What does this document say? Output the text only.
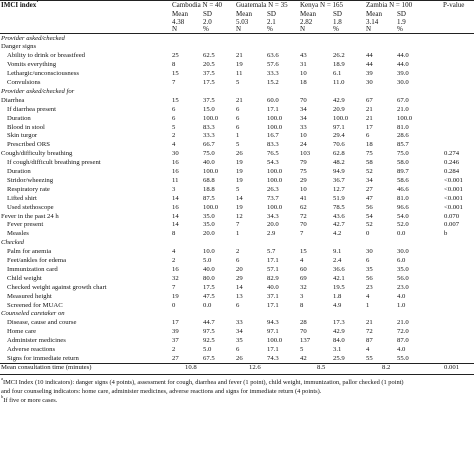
IMCI index$^1$
P-value
Cambodia N = 40
Mean SD
4.38	2.0
N	%
Guatemala N = 35
Mean SD
5.03	2.1
N	%
Kenya N = 165
Mean SD
2.82	1.8
N	%
Zambia N = 100
Mean SD
3.14	1.9
N	%
Provider asked/checked
Danger signs
Ability to drink or breastfeed	25	62.5	21	63.6	43	26.2	44	44.0
Vomits everything	8	20.5	19	57.6	31	18.9	44	44.0
Lethargic/unconsciousness	15	37.5	11	33.3	10	6.1	39	39.0
Convulsions	7	17.5	5	15.2	18	11.0	30	30.0
Provider asked/checked for
Diarrhea	15	37.5	21	60.0	70	42.9	67	67.0
If diarrhea present	6	15.0	6	17.1	34	20.9	21	21.0
Duration	6	100.0	6	100.0	34	100.0	21	100.0
Blood in stool	5	83.3	6	100.0	33	97.1	17	81.0
Skin turgor	2	33.3	1	16.7	10	29.4	6	28.6
Prescribed ORS	4	66.7	5	83.3	24	70.6	18	85.7
Cough/difficulty breathing	30	75.0	26	76.5	103	62.8	75	75.0	0.274
If cough/difficult breathing present	16	40.0	19	54.3	79	48.2	58	58.0	0.246
Duration	16	100.0	19	100.0	75	94.9	52	89.7	0.284
Stridor/wheezing	11	68.8	19	100.0	29	36.7	34	58.6	<0.001
Respiratory rate	3	18.8	5	26.3	10	12.7	27	46.6	<0.001
Lifted shirt	14	87.5	14	73.7	41	51.9	47	81.0	<0.001
Used stethoscope	16	100.0	19	100.0	62	78.5	56	96.6	<0.001
Fever in the past 24 h	14	35.0	12	34.3	72	43.6	54	54.0	0.070
Fever present	14	35.0	7	20.0	70	42.7	52	52.0	0.007
Measles	8	20.0	1	2.9	7	4.2	0	0.0	b
Checked
Palm for anemia	4	10.0	2	5.7	15	9.1	30	30.0
Feet/ankles for edema	2	5.0	6	17.1	4	2.4	6	6.0
Immunization card	16	40.0	20	57.1	60	36.6	35	35.0
Child weight	32	80.0	29	82.9	69	42.1	56	56.0
Checked weight against growth chart	7	17.5	14	40.0	32	19.5	23	23.0
Measured height	19	47.5	13	37.1	3	1.8	4	4.0
Screened for MUAC	0	0.0	6	17.1	8	4.9	1	1.0
Counseled caretaker on
Disease, cause and course	17	44.7	33	94.3	28	17.3	21	21.0
Home care	39	97.5	34	97.1	70	42.9	72	72.0
Administer medicines	37	92.5	35	100.0	137	84.0	87	87.0
Adverse reactions	2	5.0	6	17.1	5	3.1	4	4.0
Signs for immediate return	27	67.5	26	74.3	42	25.9	55	55.0
Mean consultation time (minutes)	10.8	12.6	8.5	8.2	0.001
$^a$IMCI Index (10 indicators): danger signs (4 points), assessment for cough, diarrhea and fever (1 point), child weight, immunization, pallor checked (1 point)
and four counseling indicators: home care, administer medicines, adverse reactions and signs for immediate return (4 points).
$^b$If five or more cases.
